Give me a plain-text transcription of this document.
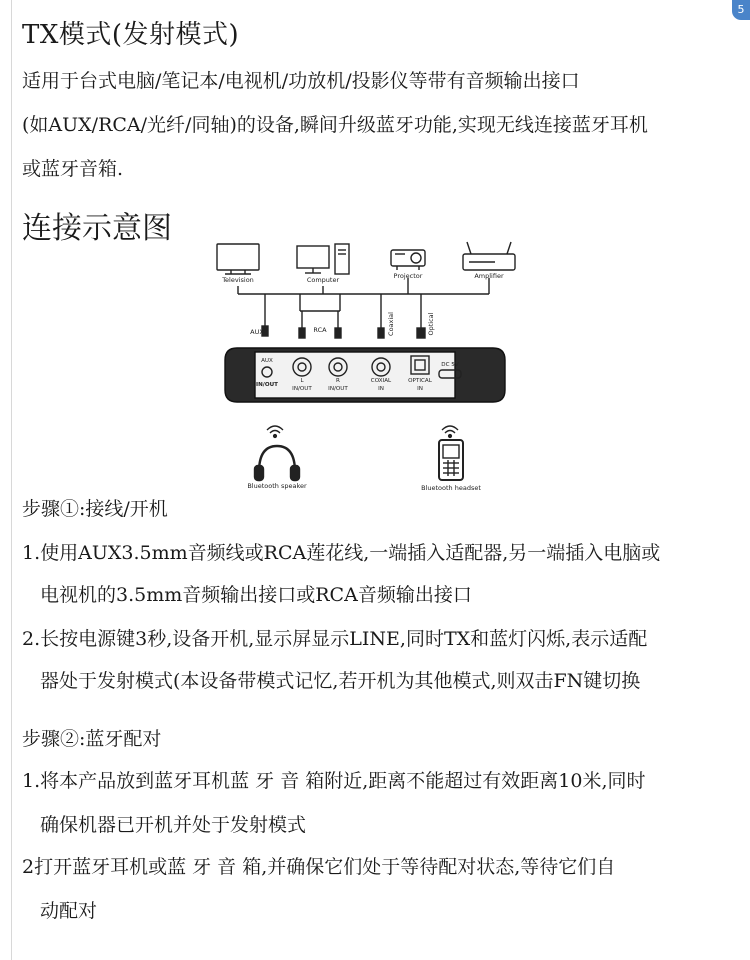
5
TX模式(发射模式)
适用于台式电脑/笔记本/电视机/功放机/投影仪等带有音频输出接口
(如AUX/RCA/光纤/同轴)的设备,瞬间升级蓝牙功能,实现无线连接蓝牙耳机
或蓝牙音箱.
连接示意图
Television	Computer	Projector	Amplifier
AUX	RCA	Coaxial	Optical
AUX
IN/OUT
L
IN/OUT
R
IN/OUT
COXIAL
IN
OPTICAL
IN
DC 5V
Bluetooth speaker	Bluetooth headset
步骤①:接线/开机
1.使用AUX3.5mm音频线或RCA莲花线,一端插入适配器,另一端插入电脑或
电视机的3.5mm音频输出接口或RCA音频输出接口
2.长按电源键3秒,设备开机,显示屏显示LINE,同时TX和蓝灯闪烁,表示适配
器处于发射模式(本设备带模式记忆,若开机为其他模式,则双击FN键切换
步骤②:蓝牙配对
1.将本产品放到蓝牙耳机蓝 牙 音 箱附近,距离不能超过有效距离10米,同时
确保机器已开机并处于发射模式
2打开蓝牙耳机或蓝 牙 音 箱,并确保它们处于等待配对状态,等待它们自
动配对
